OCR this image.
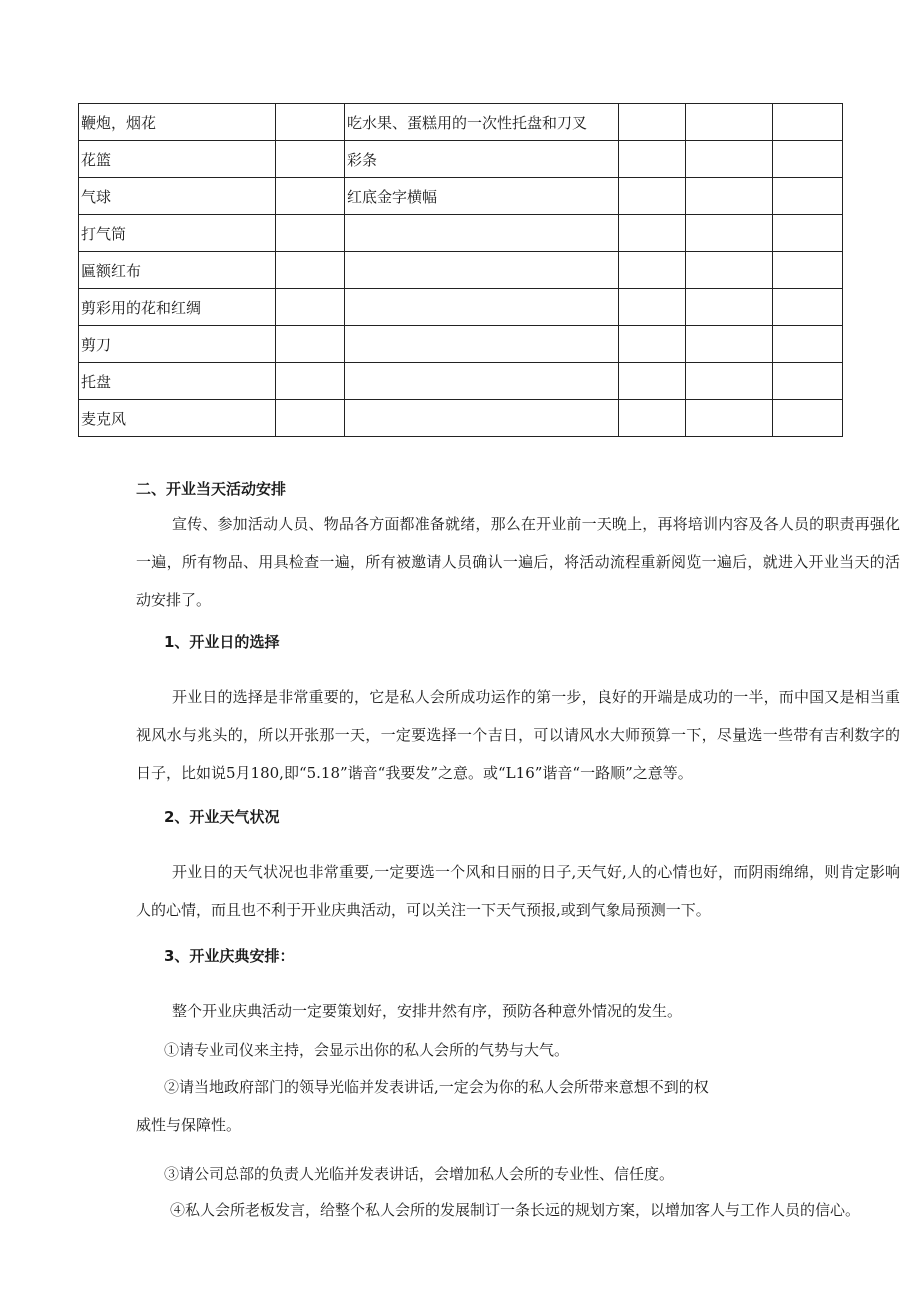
鞭炮，烟花		吃水果、蛋糕用的一次性托盘和刀叉			
花篮		彩条			
气球		红底金字横幅			
打气筒					
匾额红布					
剪彩用的花和红绸					
剪刀					
托盘					
麦克风					
二、开业当天活动安排
宣传、参加活动人员、物品各方面都准备就绪，那么在开业前一天晚上，再将培训内容及各人员的职责再强化一遍，所有物品、用具检查一遍，所有被邀请人员确认一遍后，将活动流程重新阅览一遍后，就进入开业当天的活动安排了。
1、开业日的选择
开业日的选择是非常重要的，它是私人会所成功运作的第一步，良好的开端是成功的一半，而中国又是相当重视风水与兆头的，所以开张那一天，一定要选择一个吉日，可以请风水大师预算一下，尽量选一些带有吉利数字的日子，比如说5月180,即“5.18”谐音“我要发”之意。或“L16”谐音“一路顺”之意等。
2、开业天气状况
开业日的天气状况也非常重要,一定要选一个风和日丽的日子,天气好,人的心情也好，而阴雨绵绵，则肯定影响人的心情，而且也不利于开业庆典活动，可以关注一下天气预报,或到气象局预测一下。
3、开业庆典安排：
整个开业庆典活动一定要策划好，安排井然有序，预防各种意外情况的发生。
①请专业司仪来主持，会显示出你的私人会所的气势与大气。
②请当地政府部门的领导光临并发表讲话,一定会为你的私人会所带来意想不到的权
威性与保障性。
③请公司总部的负责人光临并发表讲话，会增加私人会所的专业性、信任度。
④私人会所老板发言，给整个私人会所的发展制订一条长远的规划方案，以增加客人与工作人员的信心。
